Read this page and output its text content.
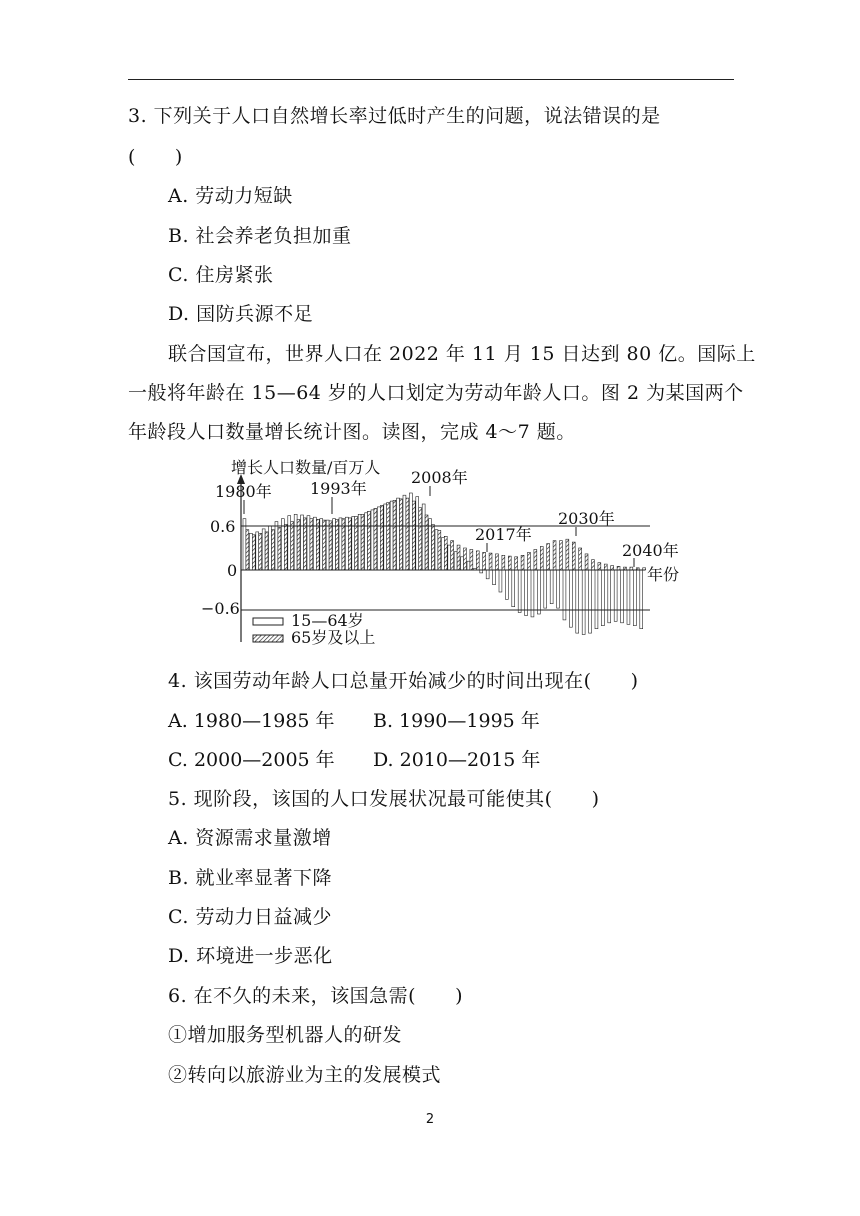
3. 下列关于人口自然增长率过低时产生的问题，说法错误的是
(　　)
A. 劳动力短缺
B. 社会养老负担加重
C. 住房紧张
D. 国防兵源不足
联合国宣布，世界人口在 2022 年 11 月 15 日达到 80 亿。国际上
一般将年龄在 15—64 岁的人口划定为劳动年龄人口。图 2 为某国两个
年龄段人口数量增长统计图。读图，完成 4～7 题。
增长人口数量/百万人
0.6
0
−0.6
年份
1980年 1993年
2008年
2017年
2030年
2040年
15—64岁
65岁及以上
4. 该国劳动年龄人口总量开始减少的时间出现在(　　)
A. 1980—1985 年 B. 1990—1995 年
C. 2000—2005 年 D. 2010—2015 年
5. 现阶段，该国的人口发展状况最可能使其(　　)
A. 资源需求量激增
B. 就业率显著下降
C. 劳动力日益减少
D. 环境进一步恶化
6. 在不久的未来，该国急需(　　)
①增加服务型机器人的研发
②转向以旅游业为主的发展模式
2
